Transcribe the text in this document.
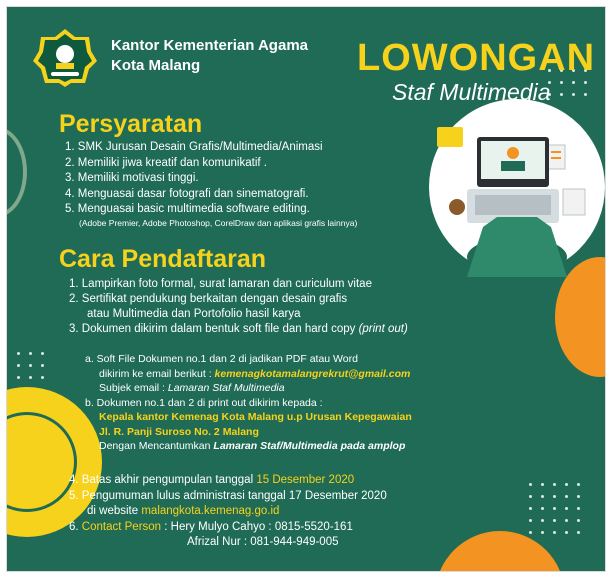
Kantor Kementerian Agama
Kota Malang	LOWONGAN
Staf Multimedia
Persyaratan
1. SMK Jurusan Desain Grafis/Multimedia/Animasi
2. Memiliki jiwa kreatif dan komunikatif .
3. Memiliki motivasi tinggi.
4. Menguasai dasar fotografi dan sinematografi.
5. Menguasai basic multimedia software editing.
(Adobe Premier, Adobe Photoshop, CorelDraw dan aplikasi grafis lainnya)
Cara Pendaftaran
1. Lampirkan foto formal, surat lamaran dan curiculum vitae
2. Sertifikat pendukung berkaitan dengan desain grafis
atau Multimedia dan Portofolio hasil karya
3. Dokumen dikirim dalam bentuk soft file dan hard copy (print out)
a. Soft File Dokumen no.1 dan 2 di jadikan PDF atau Word
dikirim ke email berikut : kemenagkotamalangrekrut@gmail.com
Subjek email : Lamaran Staf Multimedia
b. Dokumen no.1 dan 2 di print out dikirim kepada :
Kepala kantor Kemenag Kota Malang u.p Urusan Kepegawaian
Jl. R. Panji Suroso No. 2 Malang
Dengan Mencantumkan Lamaran Staf/Multimedia pada amplop
4. Batas akhir pengumpulan tanggal 15 Desember 2020
5. Pengumuman lulus administrasi tanggal 17 Desember 2020
di website malangkota.kemenag.go.id
6. Contact Person : Hery Mulyo Cahyo : 0815-5520-161
Afrizal Nur : 081-944-949-005
